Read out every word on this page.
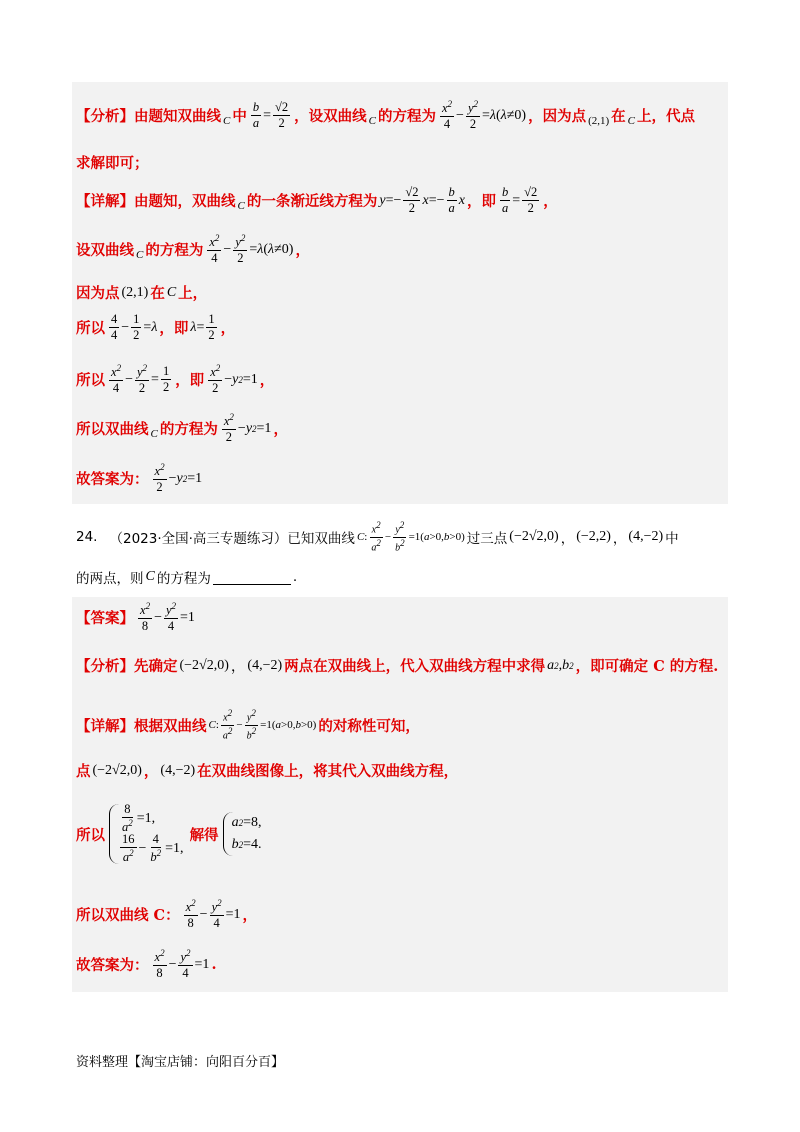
【分析】 由题知双曲线 C 中 $\frac{b}{a} = \frac{√2}{2}$ ，设双曲线 C 的方程为 $\frac{x^2}{4} - \frac{y^2}{2} = \lambda$ ( λ ≠0) ，因为点 (2,1) 在 C 上，代点
求解即可；
【详解】 由题知，双曲线 C 的一条渐近线方程为 $y =- \frac{√2}{2}$ $x =- \frac{b}{a}$ x ，即 $\frac{b}{a} = \frac{√2}{2}$ ，
设双曲线 C 的方程为 $\frac{x^2}{4} - \frac{y^2}{2} = \lambda$ ( λ ≠0) ，
因为点 (2,1) 在 C 上，
所以 $\frac{4}{4} - \frac{1}{2} = \lambda$ ，即 $\lambda = \frac{1}{2}$ ，
所以 $\frac{x^2}{4} - \frac{y^2}{2} = \frac{1}{2}$ ，即 $\frac{x^2}{2} - y$ 2 =1 ，
所以双曲线 C 的方程为 $\frac{x^2}{2} - y$ 2 =1 ，
故答案为： $\frac{x^2}{2} - y$ 2 =1
24. （2023·全国·高三专题练习）已知双曲线 C : $\frac{x^2}{a^2} - \frac{y^2}{b^2} =1$( a >0, b >0) 过三点 (−2√2,0) ， (−2,2) ， (4,−2) 中
的两点，则 C 的方程为	.
【答案】 $\frac{x^2}{8} - \frac{y^2}{4} =1$
【分析】 先确定 (−2√2,0) ， (4,−2) 两点在双曲线上，代入双曲线方程中求得 a 2 , b 2 ，即可确定 C 的方程.
【详解】 根据双曲线 C : $\frac{x^2}{a^2} - \frac{y^2}{b^2} =1$( a >0, b >0) 的对称性可知，
点 (−2√2,0) ， (4,−2) 在双曲线图像上，将其代入双曲线方程，
所以
$\frac{8}{a^2} =1$,
$\frac{16}{a^2} - \frac{4}{b^2} =1$,
解得
a 2 =8,
b 2 =4.
所以双曲线 C： $\frac{x^2}{8} - \frac{y^2}{4} =1$ ，
故答案为： $\frac{x^2}{8} - \frac{y^2}{4} =1$ .
资料整理【淘宝店铺：向阳百分百】
